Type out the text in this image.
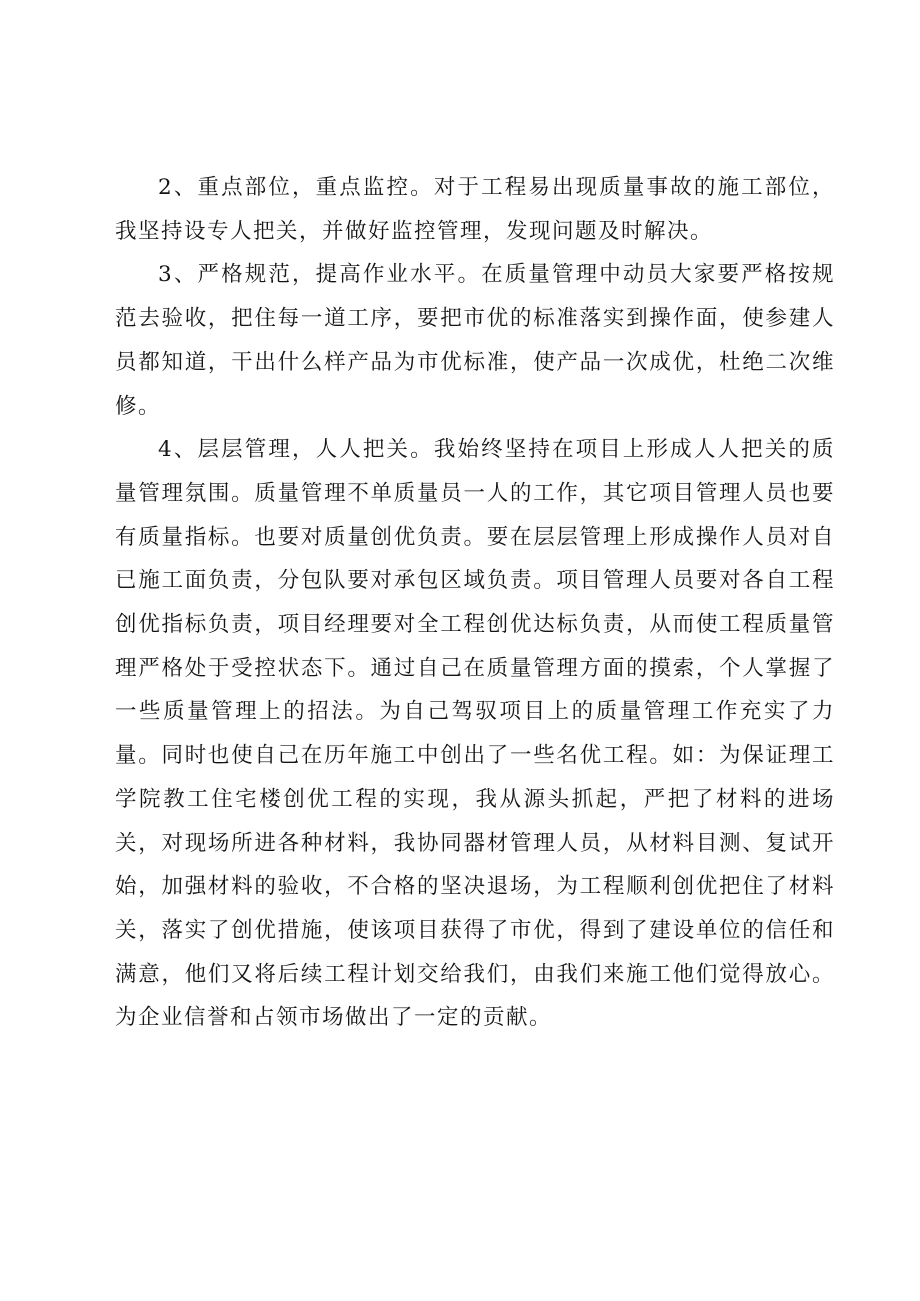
2、重点部位，重点监控。对于工程易出现质量事故的施工部位，我坚持设专人把关，并做好监控管理，发现问题及时解决。

3、严格规范，提高作业水平。在质量管理中动员大家要严格按规范去验收，把住每一道工序，要把市优的标准落实到操作面，使参建人员都知道，干出什么样产品为市优标准，使产品一次成优，杜绝二次维修。

4、层层管理，人人把关。我始终坚持在项目上形成人人把关的质量管理氛围。质量管理不单质量员一人的工作，其它项目管理人员也要有质量指标。也要对质量创优负责。要在层层管理上形成操作人员对自已施工面负责，分包队要对承包区域负责。项目管理人员要对各自工程创优指标负责，项目经理要对全工程创优达标负责，从而使工程质量管理严格处于受控状态下。通过自己在质量管理方面的摸索，个人掌握了一些质量管理上的招法。为自己驾驭项目上的质量管理工作充实了力量。同时也使自己在历年施工中创出了一些名优工程。如：为保证理工学院教工住宅楼创优工程的实现，我从源头抓起，严把了材料的进场关，对现场所进各种材料，我协同器材管理人员，从材料目测、复试开始，加强材料的验收，不合格的坚决退场，为工程顺利创优把住了材料关，落实了创优措施，使该项目获得了市优，得到了建设单位的信任和满意，他们又将后续工程计划交给我们，由我们来施工他们觉得放心。为企业信誉和占领市场做出了一定的贡献。
